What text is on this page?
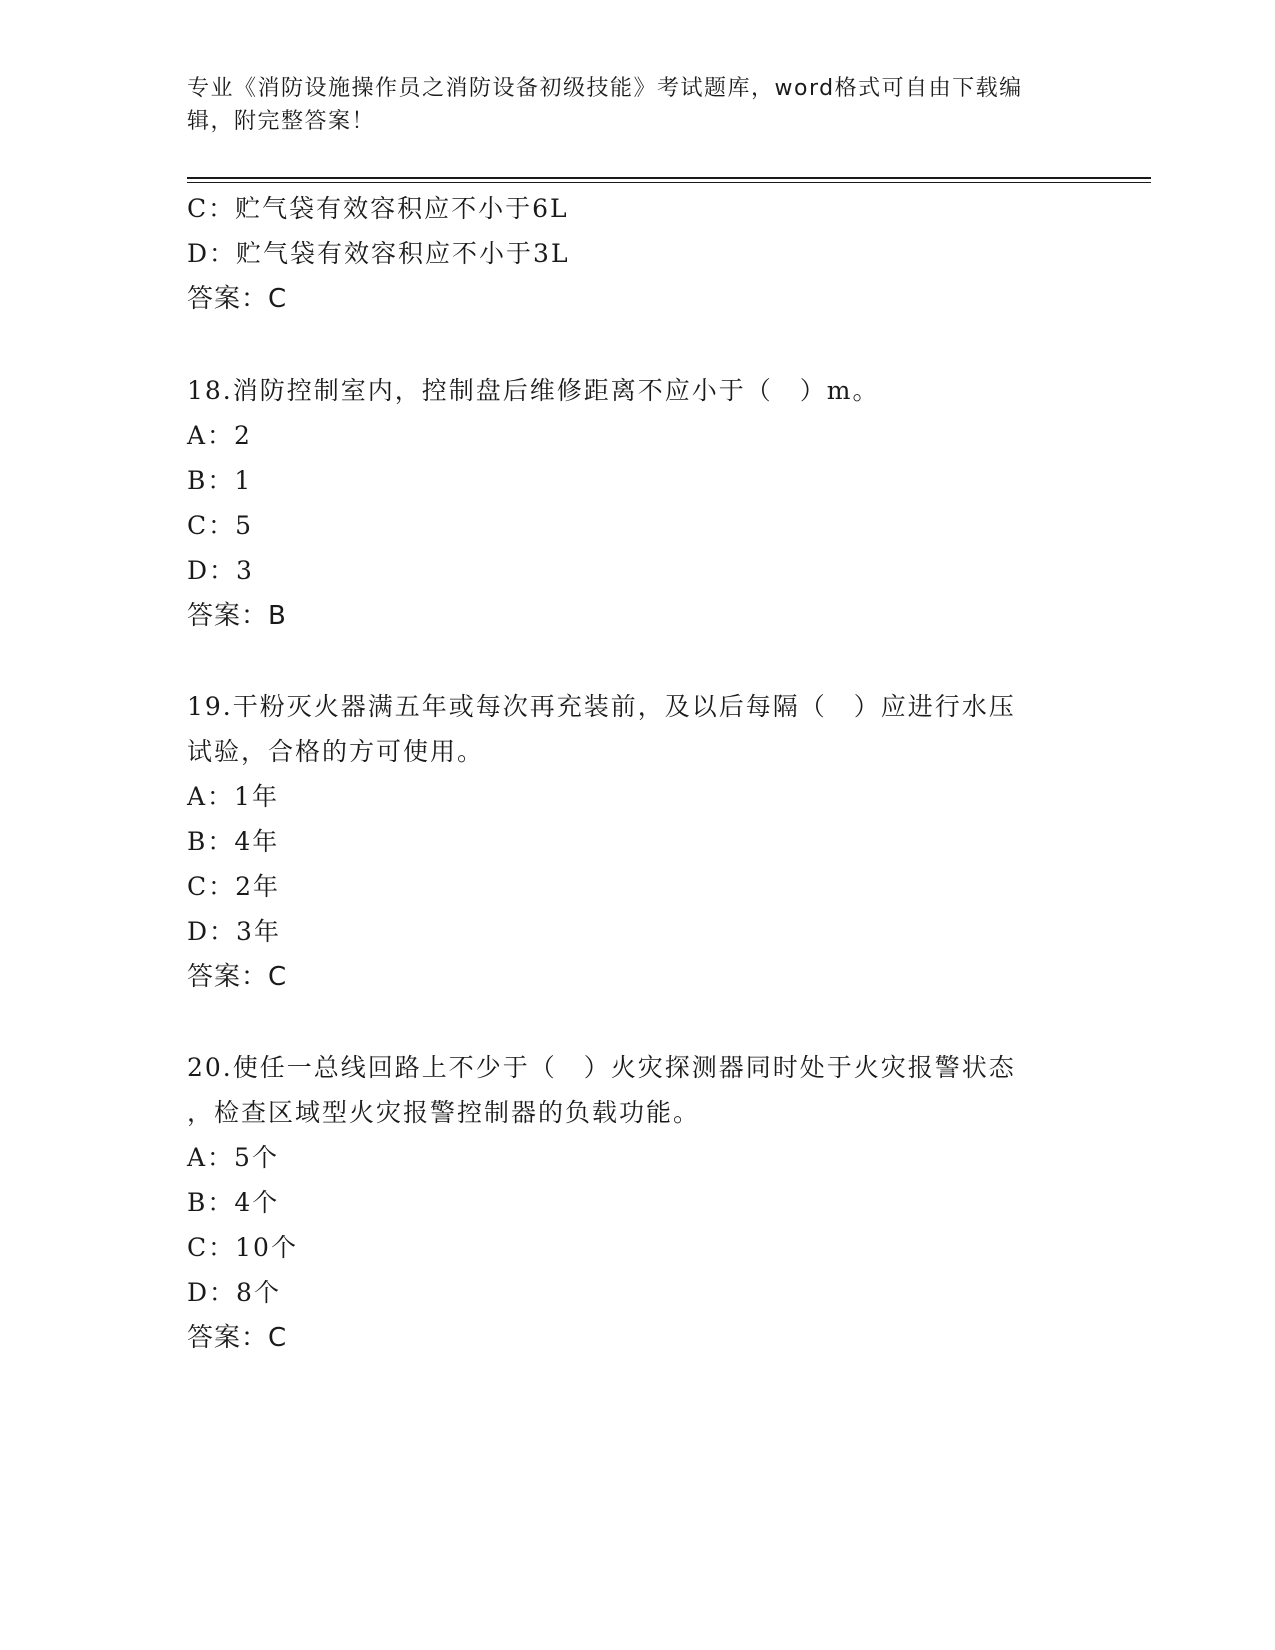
专业《消防设施操作员之消防设备初级技能》考试题库，word格式可自由下载编
辑，附完整答案！
C：贮气袋有效容积应不小于6L
D：贮气袋有效容积应不小于3L
答案：C
18.消防控制室内，控制盘后维修距离不应小于（　）m。
A：2
B：1
C：5
D：3
答案：B
19.干粉灭火器满五年或每次再充装前，及以后每隔（　）应进行水压
试验，合格的方可使用。
A：1年
B：4年
C：2年
D：3年
答案：C
20.使任一总线回路上不少于（　）火灾探测器同时处于火灾报警状态
，检查区域型火灾报警控制器的负载功能。
A：5个
B：4个
C：10个
D：8个
答案：C
